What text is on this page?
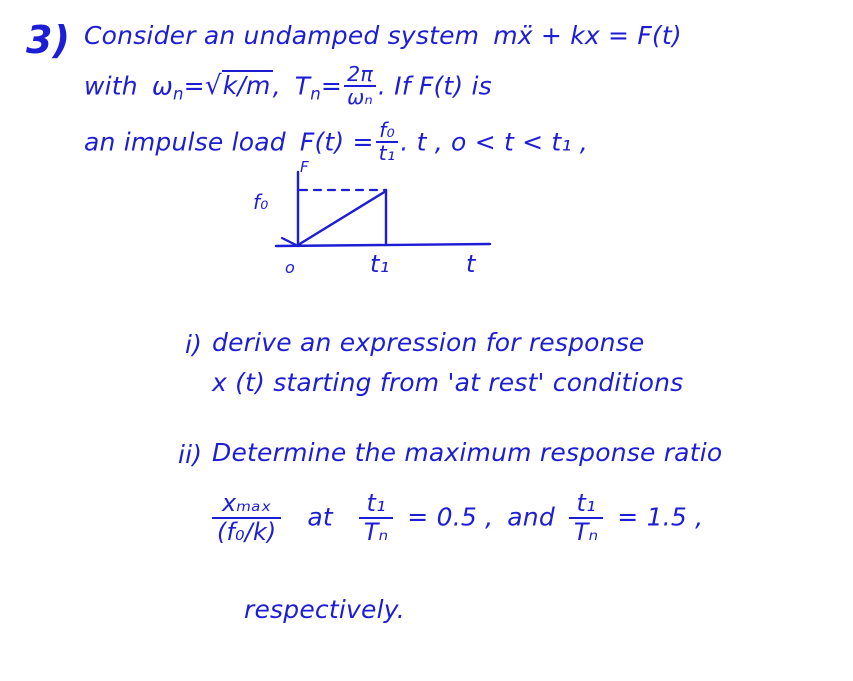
3) Consider an undamped system mẍ + kx = F(t)
with $\omega_n=√k/m$, $T_n= \frac{2\pi}{\text{ωₙ}}$ . If F(t) is
an impulse load $F(t) = \frac{\text{f₀}}{\text{t₁}}$ . t , o < t < t₁ ,
F
f₀
o	t₁	t
i) derive an expression for response
x (t) starting from 'at rest' conditions
ii) Determine the maximum response ratio
$\frac{\text{xₘₐₓ}}{\text{(f₀/k)}}$ at $\frac{\text{t₁}}{\text{Tₙ}} = 0.5$ , and $\frac{\text{t₁}}{\text{Tₙ}} = 1.5$ ,
respectively.
